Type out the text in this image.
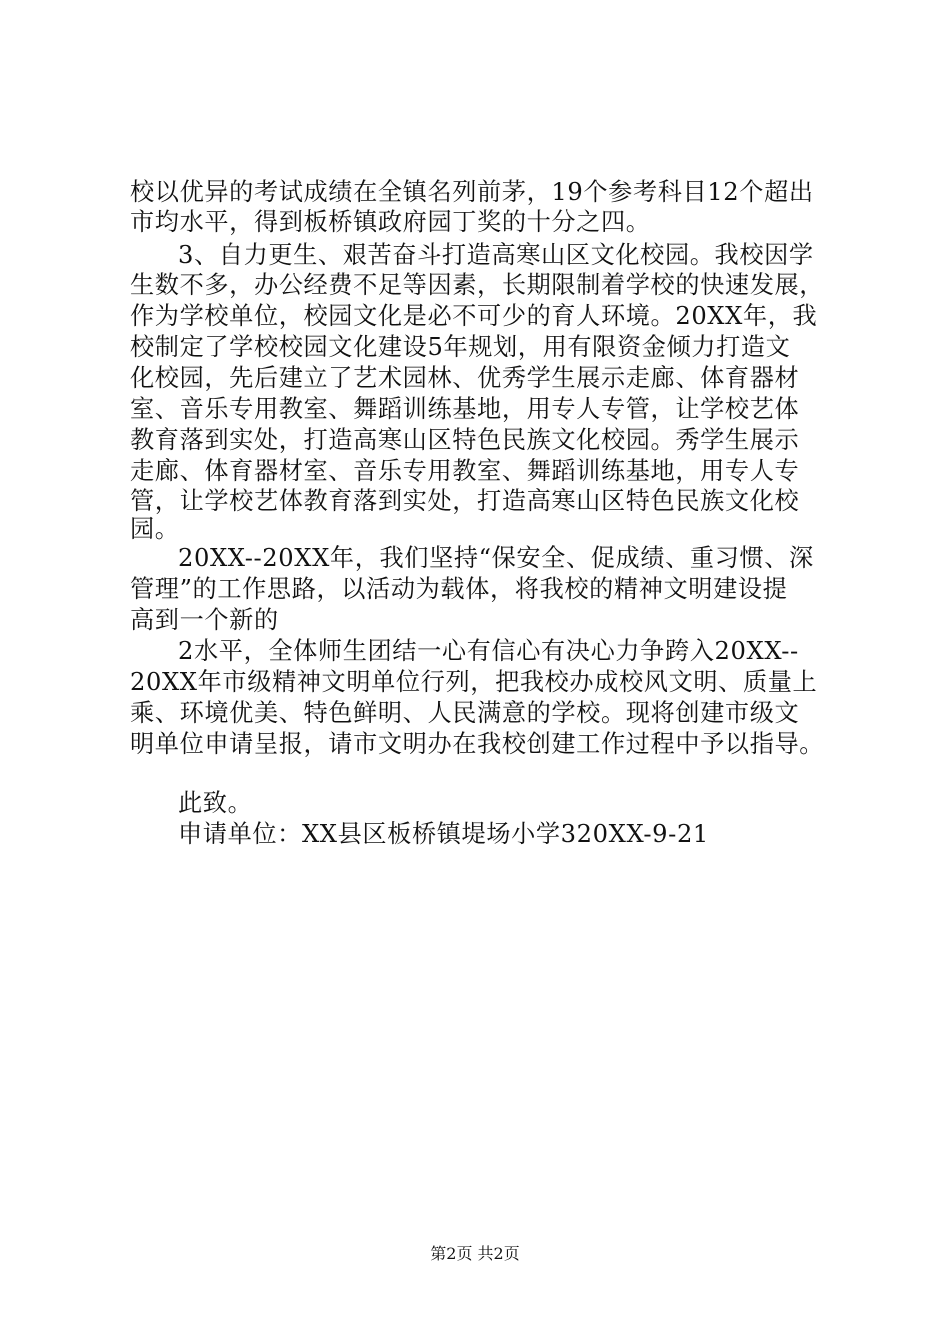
校以优异的考试成绩在全镇名列前茅，19个参考科目12个超出
市均水平，得到板桥镇政府园丁奖的十分之四。
3、自力更生、艰苦奋斗打造高寒山区文化校园。我校因学
生数不多，办公经费不足等因素，长期限制着学校的快速发展，
作为学校单位，校园文化是必不可少的育人环境。20XX年，我
校制定了学校校园文化建设5年规划，用有限资金倾力打造文
化校园，先后建立了艺术园林、优秀学生展示走廊、体育器材
室、音乐专用教室、舞蹈训练基地，用专人专管，让学校艺体
教育落到实处，打造高寒山区特色民族文化校园。秀学生展示
走廊、体育器材室、音乐专用教室、舞蹈训练基地，用专人专
管，让学校艺体教育落到实处，打造高寒山区特色民族文化校
园。
20XX--20XX年，我们坚持“保安全、促成绩、重习惯、深
管理”的工作思路，以活动为载体，将我校的精神文明建设提
高到一个新的
2水平，全体师生团结一心有信心有决心力争跨入20XX--
20XX年市级精神文明单位行列，把我校办成校风文明、质量上
乘、环境优美、特色鲜明、人民满意的学校。现将创建市级文
明单位申请呈报，请市文明办在我校创建工作过程中予以指导。
此致。
申请单位：XX县区板桥镇堤场小学320XX-9-21
第2页 共2页
